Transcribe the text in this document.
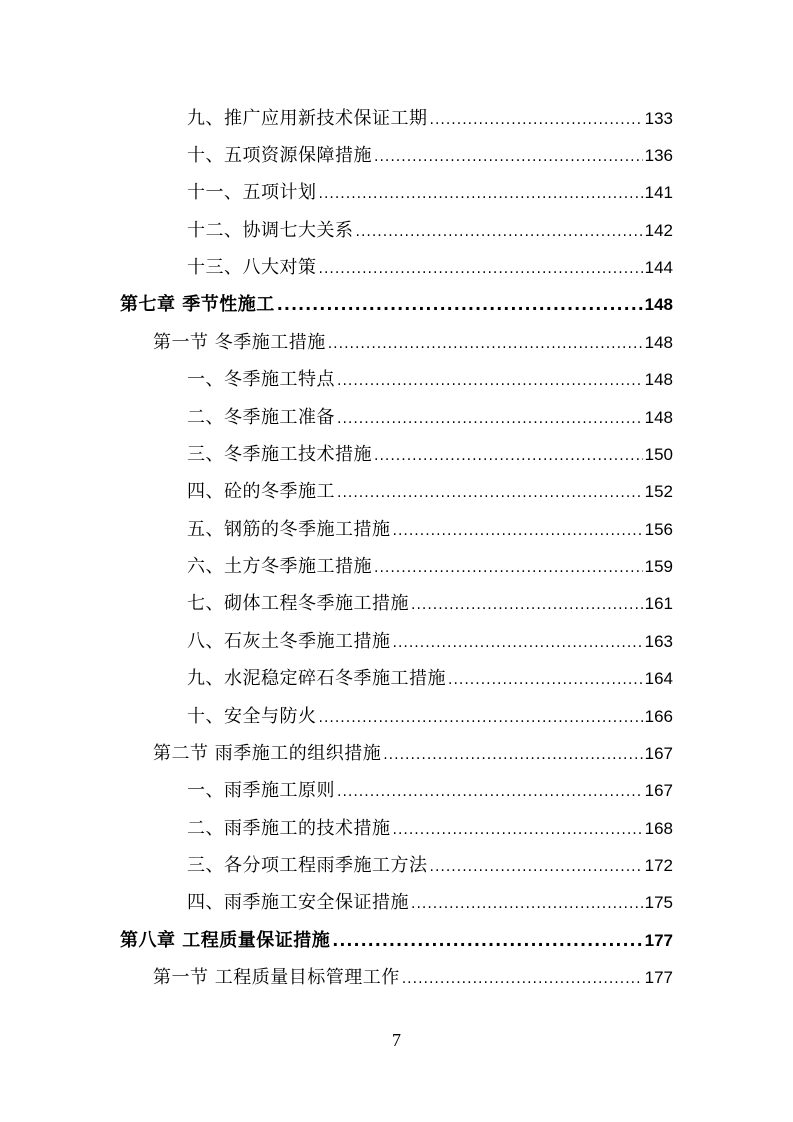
九、推广应用新技术保证工期 .....	133
十、五项资源保障措施 .....	136
十一、五项计划 .....	141
十二、协调七大关系 .....	142
十三、八大对策 .....	144
第七章 季节性施工 .....	148
第一节 冬季施工措施 .....	148
一、冬季施工特点 .....	148
二、冬季施工准备 .....	148
三、冬季施工技术措施 .....	150
四、砼的冬季施工 .....	152
五、钢筋的冬季施工措施 .....	156
六、土方冬季施工措施 .....	159
七、砌体工程冬季施工措施 .....	161
八、石灰土冬季施工措施 .....	163
九、水泥稳定碎石冬季施工措施 .....	164
十、安全与防火 .....	166
第二节 雨季施工的组织措施 .....	167
一、雨季施工原则 .....	167
二、雨季施工的技术措施 .....	168
三、各分项工程雨季施工方法 .....	172
四、雨季施工安全保证措施 .....	175
第八章 工程质量保证措施 .....	177
第一节 工程质量目标管理工作 .....	177
7
